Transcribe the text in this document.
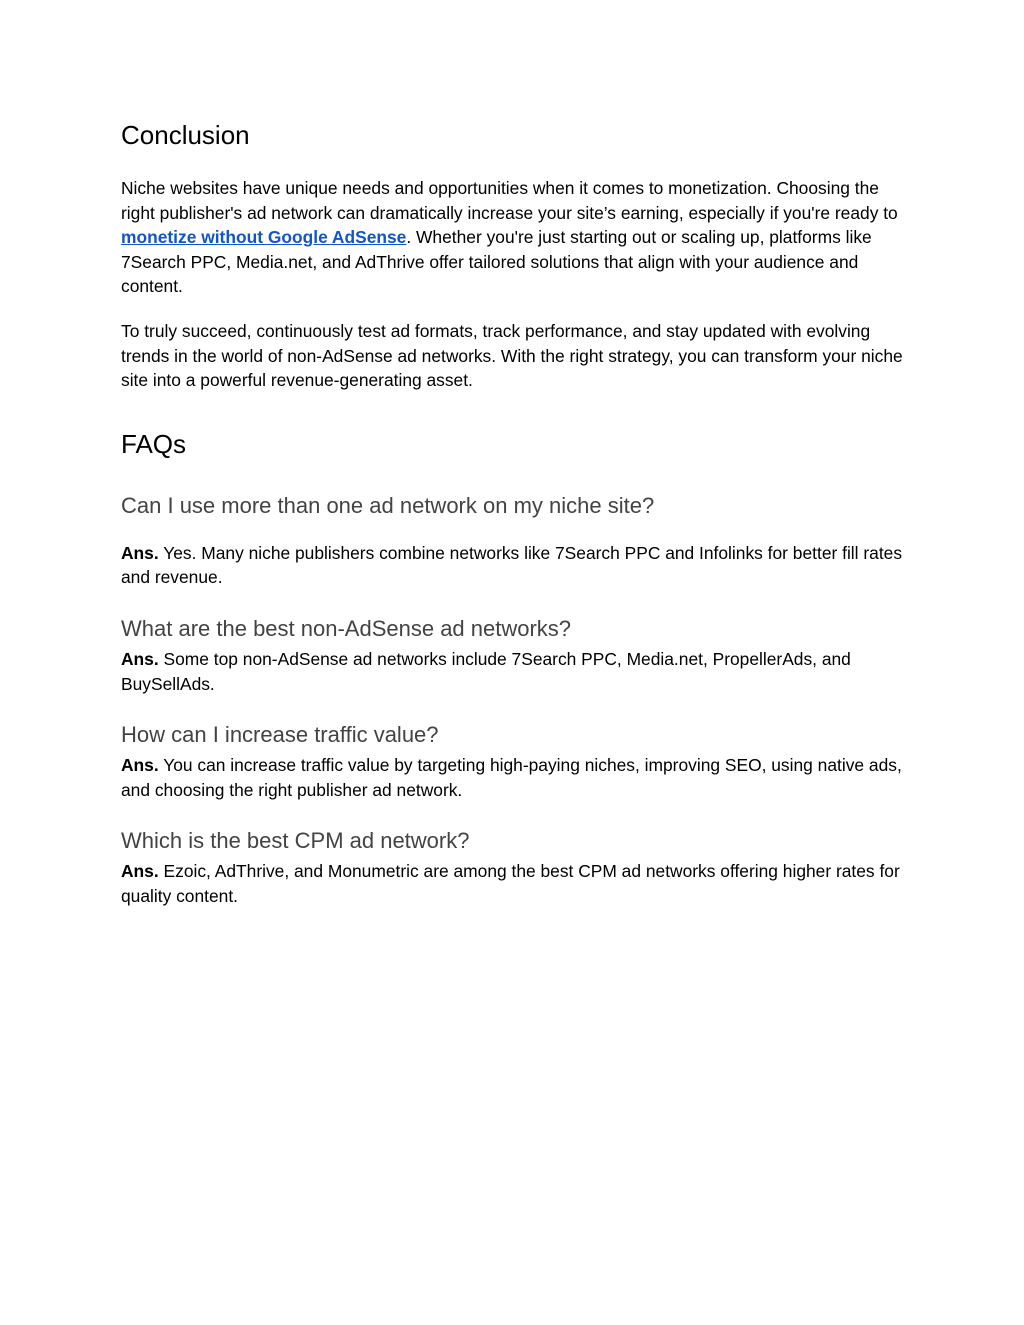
Conclusion

Niche websites have unique needs and opportunities when it comes to monetization. Choosing the right publisher's ad network can dramatically increase your site’s earning, especially if you're ready to monetize without Google AdSense. Whether you're just starting out or scaling up, platforms like 7Search PPC, Media.net, and AdThrive offer tailored solutions that align with your audience and content.

To truly succeed, continuously test ad formats, track performance, and stay updated with evolving trends in the world of non-AdSense ad networks. With the right strategy, you can transform your niche site into a powerful revenue-generating asset.

FAQs
Can I use more than one ad network on my niche site?

Ans. Yes. Many niche publishers combine networks like 7Search PPC and Infolinks for better fill rates and revenue.

What are the best non-AdSense ad networks?

Ans. Some top non-AdSense ad networks include 7Search PPC, Media.net, PropellerAds, and BuySellAds.

How can I increase traffic value?

Ans. You can increase traffic value by targeting high-paying niches, improving SEO, using native ads, and choosing the right publisher ad network.

Which is the best CPM ad network?

Ans. Ezoic, AdThrive, and Monumetric are among the best CPM ad networks offering higher rates for quality content.
